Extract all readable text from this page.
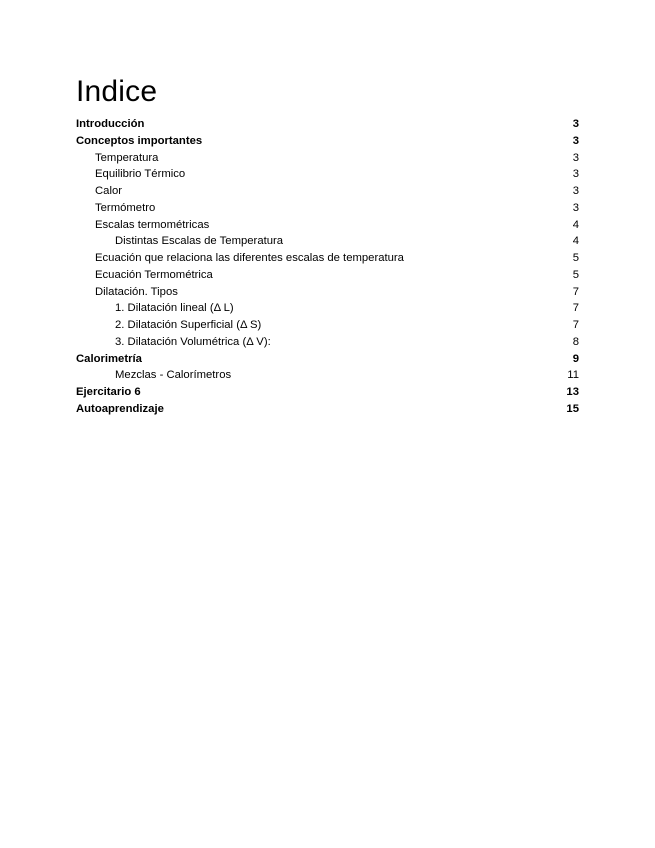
Indice
Introducción	3
Conceptos importantes	3
Temperatura	3
Equilibrio Térmico	3
Calor	3
Termómetro	3
Escalas termométricas	4
Distintas Escalas de Temperatura	4
Ecuación que relaciona las diferentes escalas de temperatura	5
Ecuación Termométrica	5
Dilatación. Tipos	7
1. Dilatación lineal (Δ L)	7
2. Dilatación Superficial (Δ S)	7
3. Dilatación Volumétrica (Δ V):	8
Calorimetría	9
Mezclas - Calorímetros	11
Ejercitario 6	13
Autoaprendizaje	15
